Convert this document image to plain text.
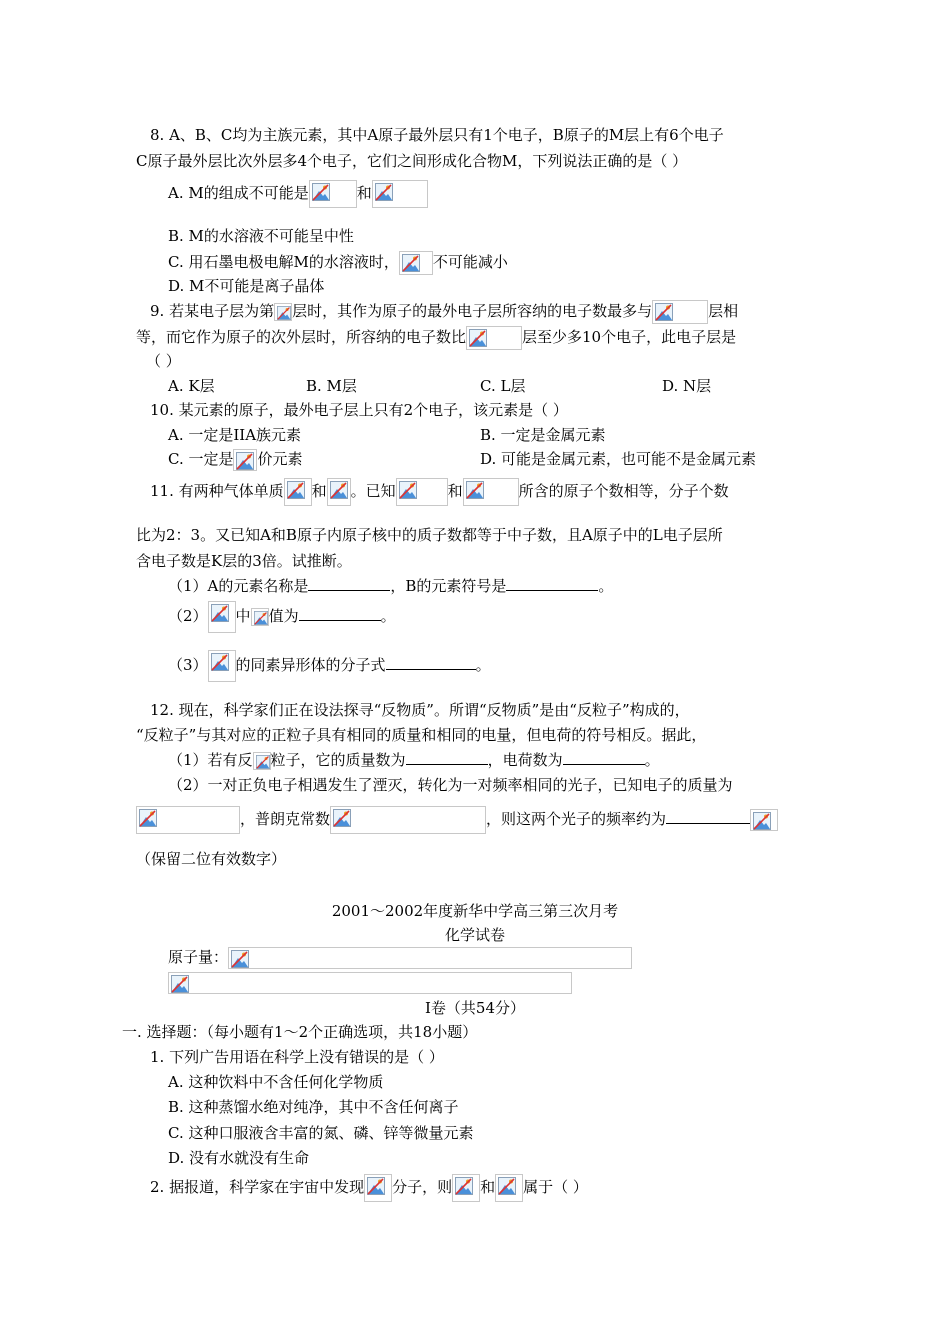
8. A、B、C均为主族元素，其中A原子最外层只有1个电子，B原子的M层上有6个电子
C原子最外层比次外层多4个电子，它们之间形成化合物M，下列说法正确的是（ ）
A. M的组成不可能是	和
B. M的水溶液不可能呈中性
C. 用石墨电极电解M的水溶液时， 不可能减小
D. M不可能是离子晶体
9. 若某电子层为第 层时，其作为原子的最外电子层所容纳的电子数最多与	层相
等，而它作为原子的次外层时，所容纳的电子数比	层至少多10个电子，此电子层是
（ ）
A. K层	B. M层	C. L层	D. N层
10. 某元素的原子，最外电子层上只有2个电子，该元素是（ ）
A. 一定是IIA族元素	B. 一定是金属元素
C. 一定是 价元素	D. 可能是金属元素，也可能不是金属元素
11. 有两种气体单质 和 。已知	和	所含的原子个数相等，分子个数
比为2：3。又已知A和B原子内原子核中的质子数都等于中子数，且A原子中的L电子层所
含电子数是K层的3倍。试推断。
（1）A的元素名称是	，B的元素符号是	。
（2） 中 值为	。
（3） 的同素异形体的分子式	。
12. 现在，科学家们正在设法探寻“反物质”。所谓“反物质”是由“反粒子”构成的，
“反粒子”与其对应的正粒子具有相同的质量和相同的电量，但电荷的符号相反。据此，
（1）若有反 粒子，它的质量数为	，电荷数为	。
（2）一对正负电子相遇发生了湮灭，转化为一对频率相同的光子，已知电子的质量为
，普朗克常数	，则这两个光子的频率约为
（保留二位有效数字）
2001～2002年度新华中学高三第三次月考
化学试卷
原子量：
I卷（共54分）
一. 选择题：（每小题有1～2个正确选项，共18小题）
1. 下列广告用语在科学上没有错误的是（ ）
A. 这种饮料中不含任何化学物质
B. 这种蒸馏水绝对纯净，其中不含任何离子
C. 这种口服液含丰富的氮、磷、锌等微量元素
D. 没有水就没有生命
2. 据报道，科学家在宇宙中发现 分子，则 和 属于（ ）
